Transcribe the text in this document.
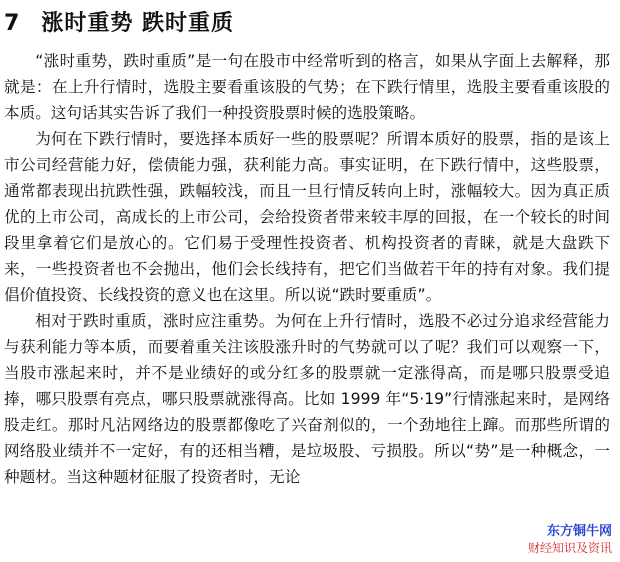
7 涨时重势 跌时重质

“涨时重势，跌时重质”是一句在股市中经常听到的格言，如果从字面上去解释，那就是：在上升行情时，选股主要看重该股的气势；在下跌行情里，选股主要看重该股的本质。这句话其实告诉了我们一种投资股票时候的选股策略。

为何在下跌行情时，要选择本质好一些的股票呢？所谓本质好的股票，指的是该上市公司经营能力好，偿债能力强，获利能力高。事实证明，在下跌行情中，这些股票，通常都表现出抗跌性强，跌幅较浅，而且一旦行情反转向上时，涨幅较大。因为真正质优的上市公司，高成长的上市公司，会给投资者带来较丰厚的回报，在一个较长的时间段里拿着它们是放心的。它们易于受理性投资者、机构投资者的青睐，就是大盘跌下来，一些投资者也不会抛出，他们会长线持有，把它们当做若干年的持有对象。我们提倡价值投资、长线投资的意义也在这里。所以说“跌时要重质”。

相对于跌时重质，涨时应注重势。为何在上升行情时，选股不必过分追求经营能力与获利能力等本质，而要着重关注该股涨升时的气势就可以了呢？我们可以观察一下，当股市涨起来时，并不是业绩好的或分红多的股票就一定涨得高，而是哪只股票受追捧，哪只股票有亮点，哪只股票就涨得高。比如 1999 年“5·19”行情涨起来时，是网络股走红。那时凡沾网络边的股票都像吃了兴奋剂似的，一个劲地往上蹿。而那些所谓的网络股业绩并不一定好，有的还相当糟，是垃圾股、亏损股。所以“势”是一种概念，一种题材。当这种题材征服了投资者时，无论

东方铜牛网
财经知识及资讯
